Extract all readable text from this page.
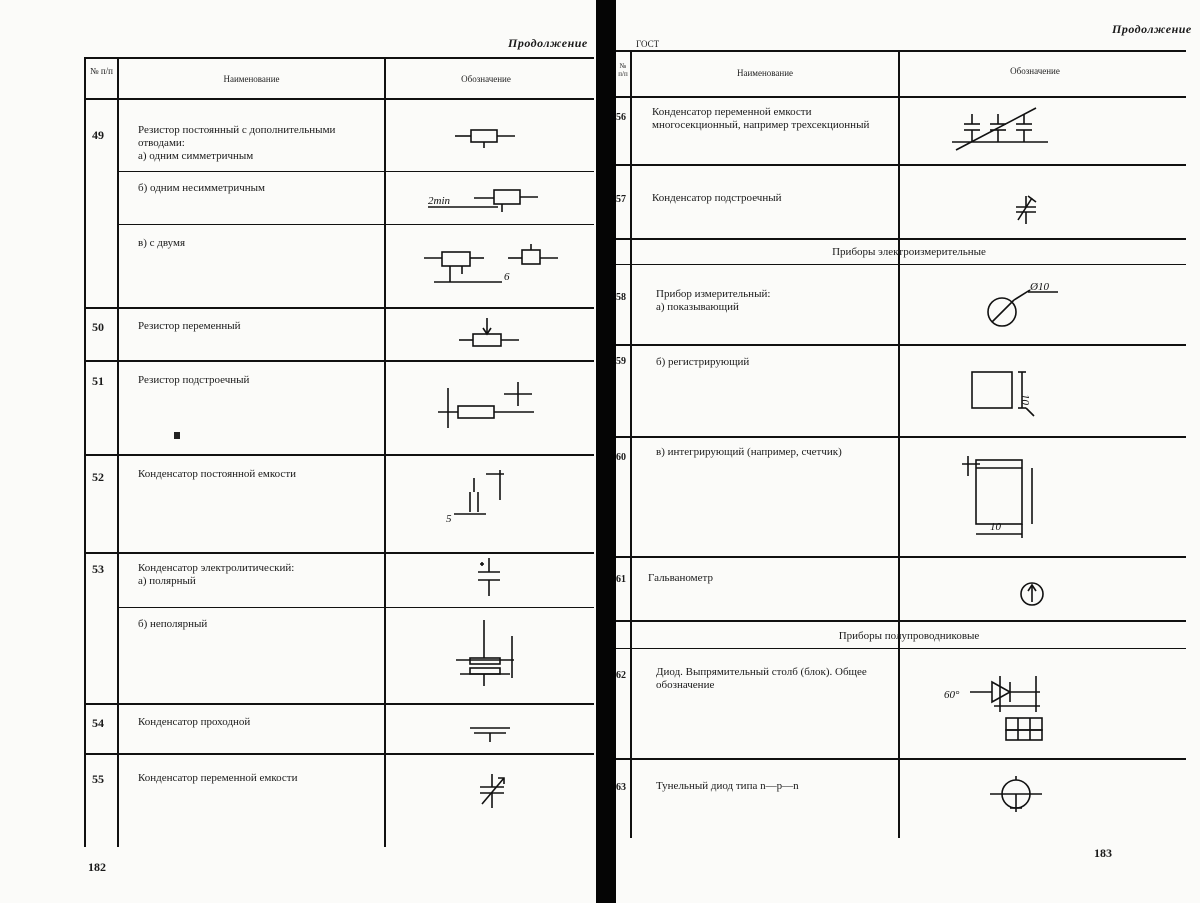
Продолжение
№ п/п
Наименование	Обозначение
49	Резистор постоянный с дополнительными отводами:
а) одним симметричным
б) одним несимметричным
2min
в) с двумя
6
50	Резистор переменный
51	Резистор подстроечный
52	Конденсатор постоянной емкости
5
53	Конденсатор электролитический:
а) полярный
б) неполярный
54	Конденсатор проходной
55	Конденсатор переменной емкости
182
ГОСТ
Продолжение
№ п/п	Наименование	Обозначение
56 Конденсатор переменной емкости многосекционный, например трехсекционный
57 Конденсатор подстроечный
Приборы электроизмерительные
58	Прибор измерительный:
а) показывающий
Ø10
59	б) регистрирующий
10
60	в) интегрирующий (например, счетчик)
10
61 Гальванометр
Приборы полупроводниковые
62	Диод. Выпрямительный столб (блок). Общее обозначение
60°
63	Тунельный диод типа n—p—n
183
